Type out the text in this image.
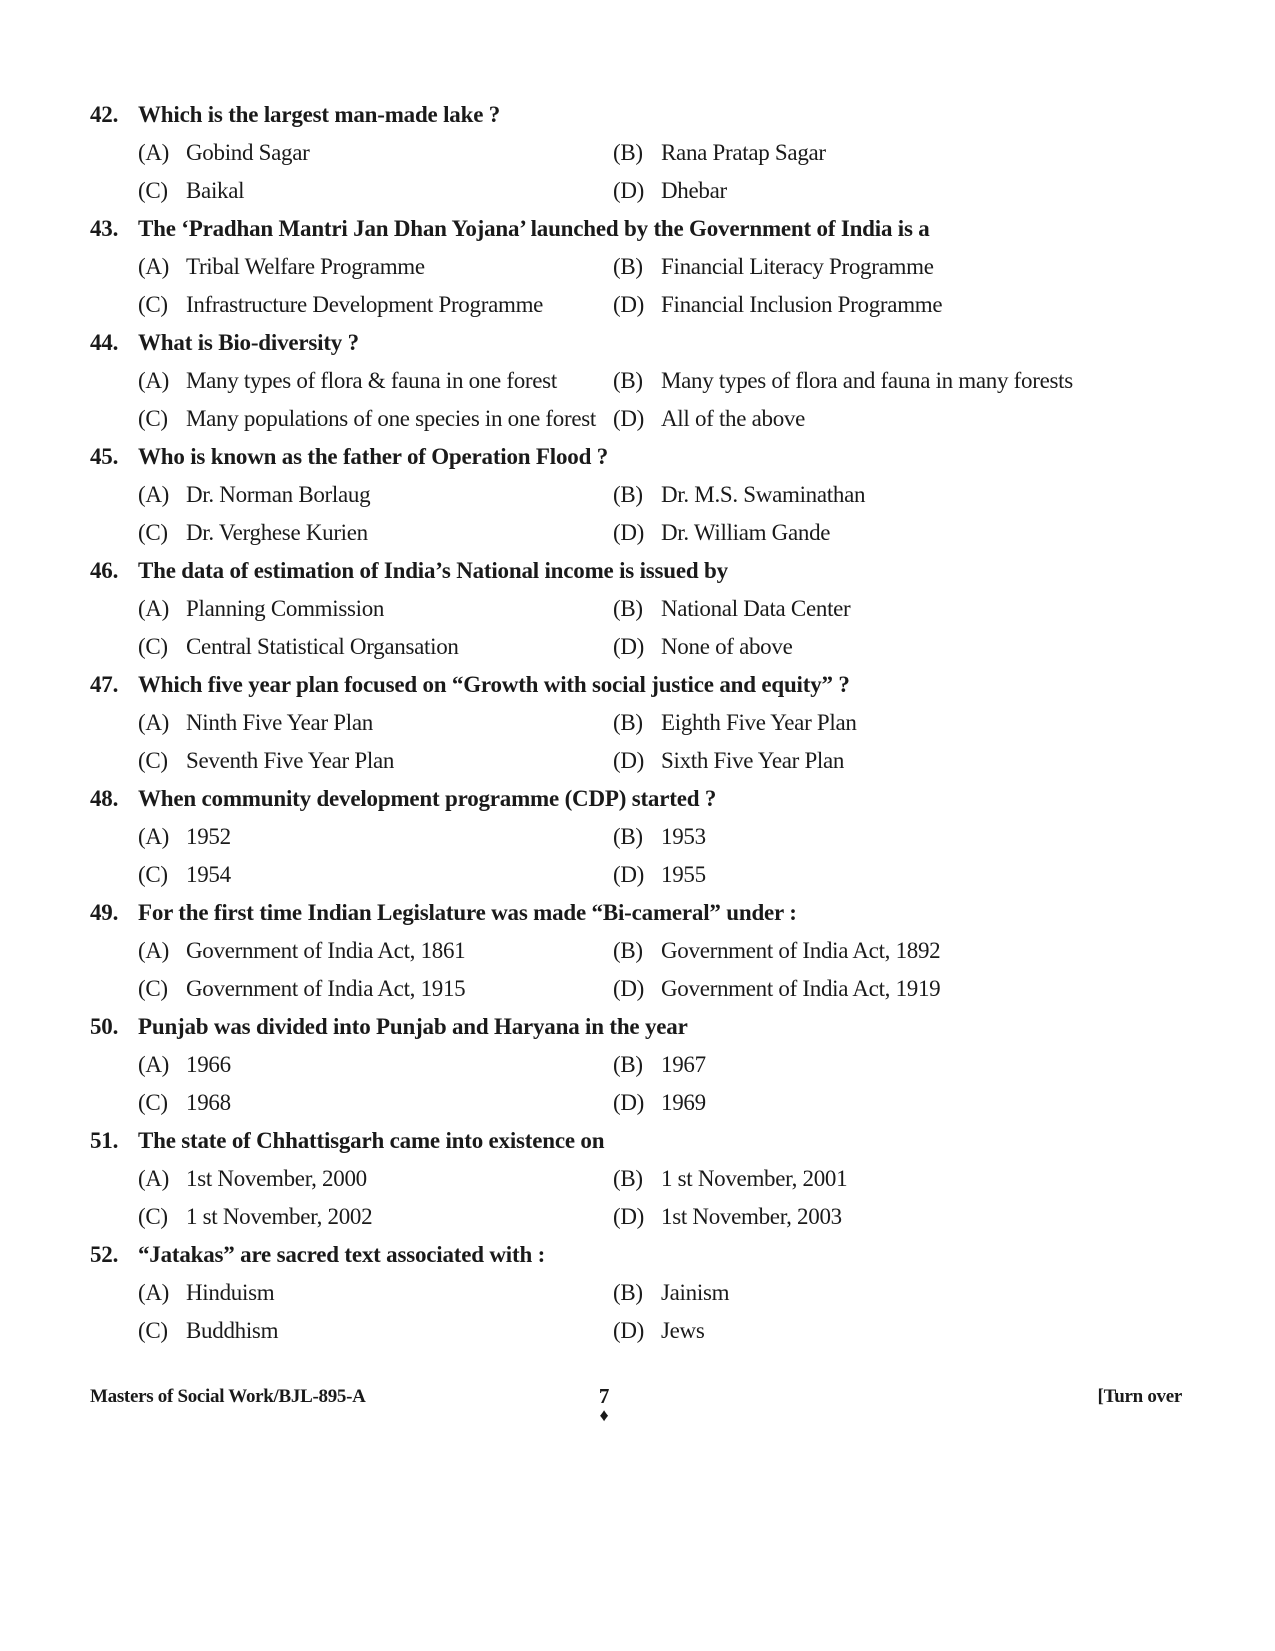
42. Which is the largest man-made lake ?
(A) Gobind Sagar	(B) Rana Pratap Sagar
(C) Baikal	(D) Dhebar
43. The ‘Pradhan Mantri Jan Dhan Yojana’ launched by the Government of India is a
(A) Tribal Welfare Programme	(B) Financial Literacy Programme
(C) Infrastructure Development Programme	(D) Financial Inclusion Programme
44. What is Bio-diversity ?
(A) Many types of flora & fauna in one forest (B) Many types of flora and fauna in many forests
(C) Many populations of one species in one forest (D) All of the above
45. Who is known as the father of Operation Flood ?
(A) Dr. Norman Borlaug	(B) Dr. M.S. Swaminathan
(C) Dr. Verghese Kurien	(D) Dr. William Gande
46. The data of estimation of India’s National income is issued by
(A) Planning Commission	(B) National Data Center
(C) Central Statistical Organsation	(D) None of above
47. Which five year plan focused on “Growth with social justice and equity” ?
(A) Ninth Five Year Plan	(B) Eighth Five Year Plan
(C) Seventh Five Year Plan	(D) Sixth Five Year Plan
48. When community development programme (CDP) started ?
(A) 1952	(B) 1953
(C) 1954	(D) 1955
49. For the first time Indian Legislature was made “Bi-cameral” under :
(A) Government of India Act, 1861	(B) Government of India Act, 1892
(C) Government of India Act, 1915	(D) Government of India Act, 1919
50. Punjab was divided into Punjab and Haryana in the year
(A) 1966	(B) 1967
(C) 1968	(D) 1969
51. The state of Chhattisgarh came into existence on
(A) 1st November, 2000	(B) 1 st November, 2001
(C) 1 st November, 2002	(D) 1st November, 2003
52. “Jatakas” are sacred text associated with :
(A) Hinduism	(B) Jainism
(C) Buddhism	(D) Jews
Masters of Social Work/BJL-895-A	7
♦
[Turn over
